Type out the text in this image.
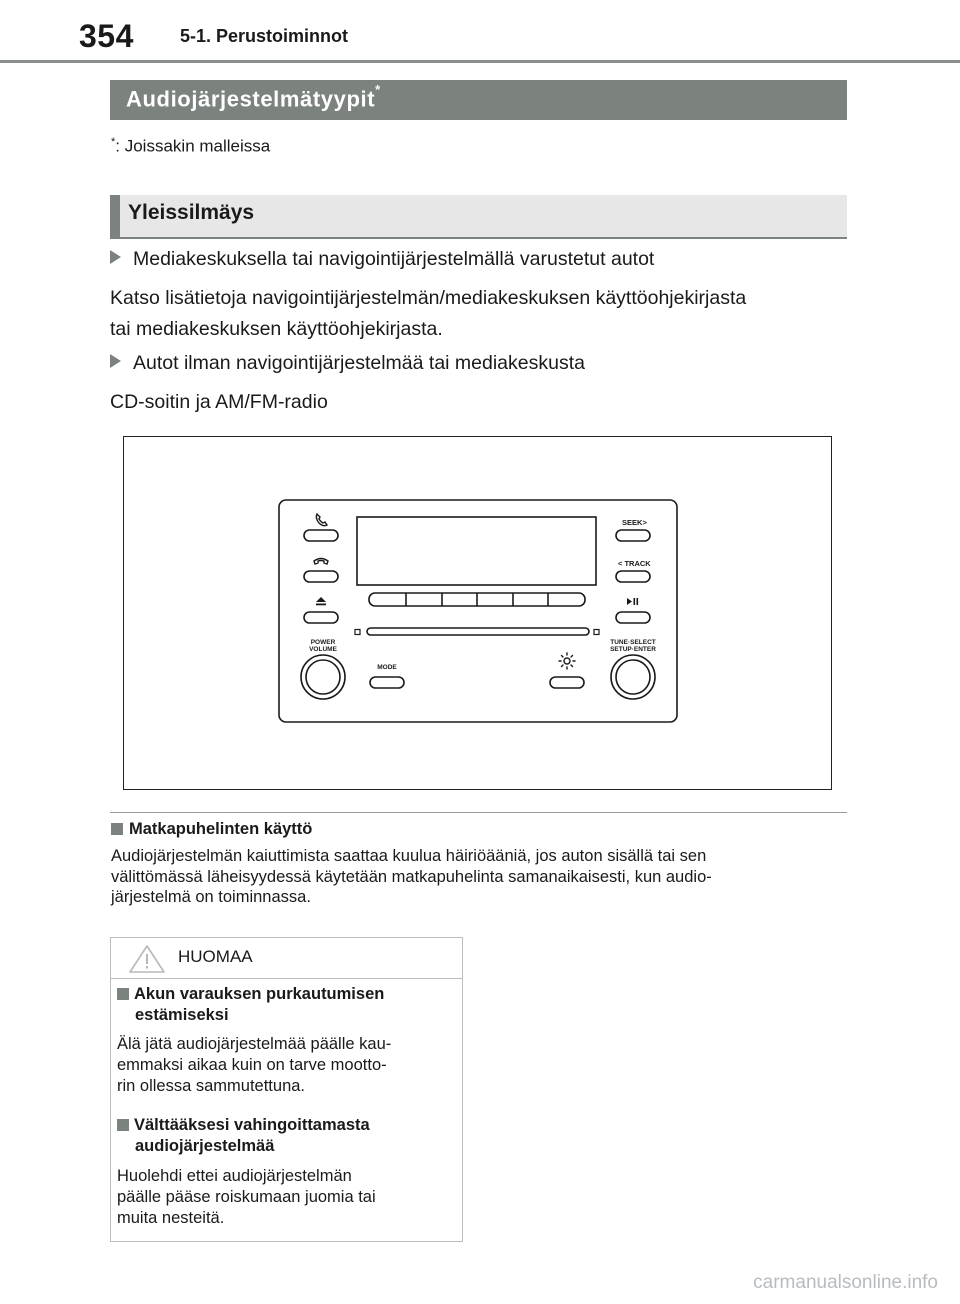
354	5-1. Perustoiminnot
Audiojärjestelmätyypit*
*: Joissakin malleissa
Yleissilmäys
Mediakeskuksella tai navigointijärjestelmällä varustetut autot
Katso lisätietoja navigointijärjestelmän/mediakeskuksen käyttöohjekirjasta
tai mediakeskuksen käyttöohjekirjasta.
Autot ilman navigointijärjestelmää tai mediakeskusta
CD-soitin ja AM/FM-radio
SEEK>
< TRACK
POWER
VOLUME
MODE
TUNE·SELECT
SETUP·ENTER
Matkapuhelinten käyttö
Audiojärjestelmän kaiuttimista saattaa kuulua häiriöääniä, jos auton sisällä tai sen
välittömässä läheisyydessä käytetään matkapuhelinta samanaikaisesti, kun audio-
järjestelmä on toiminnassa.
HUOMAA
Akun varauksen purkautumisen
estämiseksi
Älä jätä audiojärjestelmää päälle kau-
emmaksi aikaa kuin on tarve mootto-
rin ollessa sammutettuna.
Välttääksesi vahingoittamasta
audiojärjestelmää
Huolehdi ettei audiojärjestelmän
päälle pääse roiskumaan juomia tai
muita nesteitä.
carmanualsonline.info
